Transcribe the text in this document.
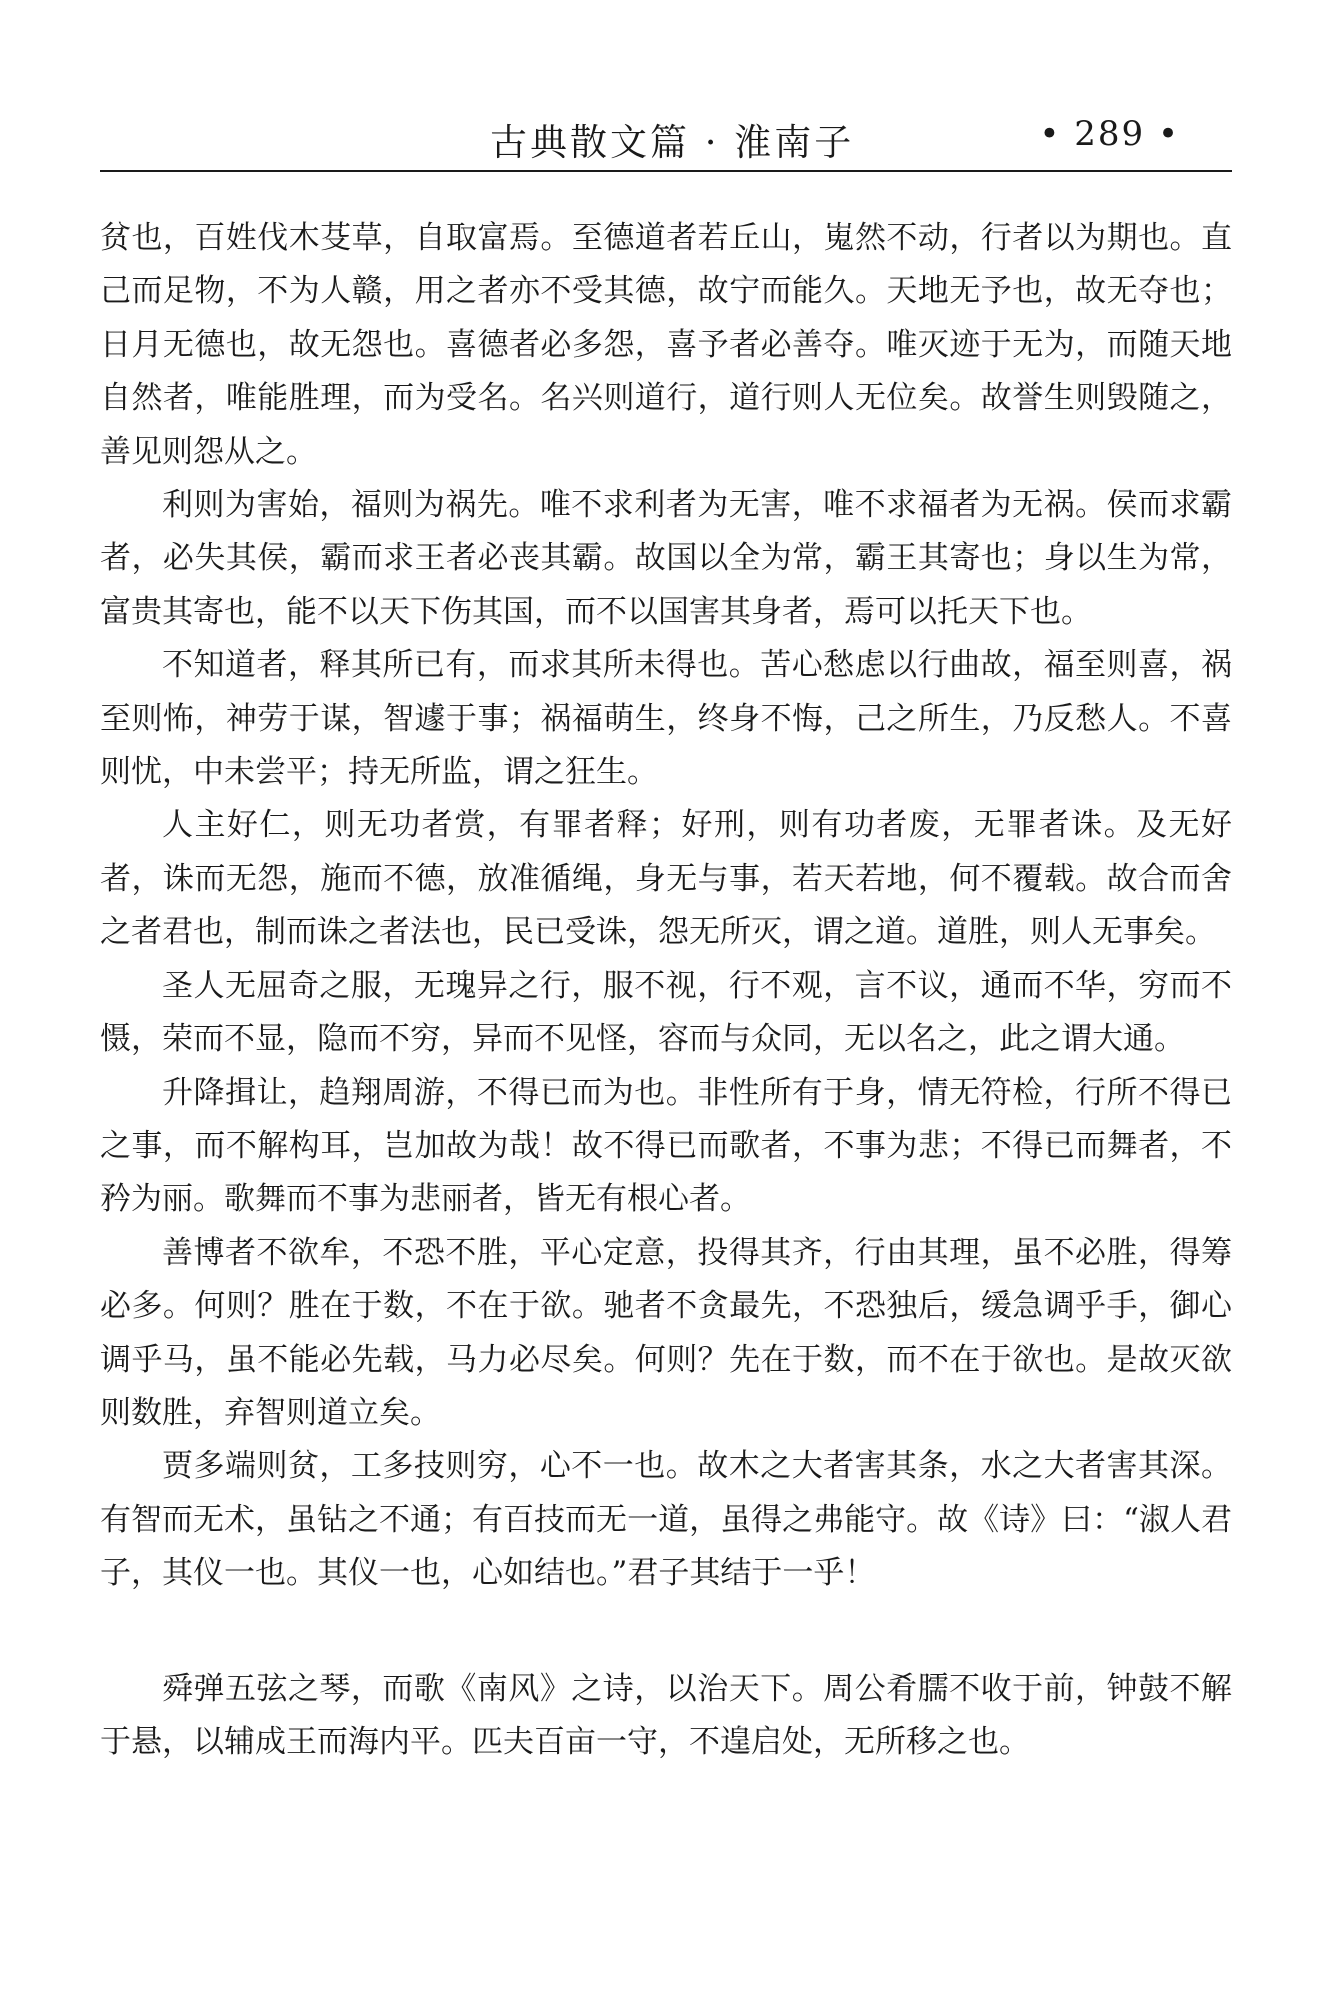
古典散文篇 · 淮南子	• 289 •

贫也，百姓伐木芟草，自取富焉。至德道者若丘山，嵬然不动，行者以为期也。直己而足物，不为人赣，用之者亦不受其德，故宁而能久。天地无予也，故无夺也；日月无德也，故无怨也。喜德者必多怨，喜予者必善夺。唯灭迹于无为，而随天地自然者，唯能胜理，而为受名。名兴则道行，道行则人无位矣。故誉生则毁随之，善见则怨从之。

利则为害始，福则为祸先。唯不求利者为无害，唯不求福者为无祸。侯而求霸者，必失其侯，霸而求王者必丧其霸。故国以全为常，霸王其寄也；身以生为常，富贵其寄也，能不以天下伤其国，而不以国害其身者，焉可以托天下也。

不知道者，释其所已有，而求其所未得也。苦心愁虑以行曲故，福至则喜，祸至则怖，神劳于谋，智遽于事；祸福萌生，终身不悔，己之所生，乃反愁人。不喜则忧，中未尝平；持无所监，谓之狂生。

人主好仁，则无功者赏，有罪者释；好刑，则有功者废，无罪者诛。及无好者，诛而无怨，施而不德，放准循绳，身无与事，若天若地，何不覆载。故合而舍之者君也，制而诛之者法也，民已受诛，怨无所灭，谓之道。道胜，则人无事矣。

圣人无屈奇之服，无瑰异之行，服不视，行不观，言不议，通而不华，穷而不慑，荣而不显，隐而不穷，异而不见怪，容而与众同，无以名之，此之谓大通。

升降揖让，趋翔周游，不得已而为也。非性所有于身，情无符检，行所不得已之事，而不解构耳，岂加故为哉！故不得已而歌者，不事为悲；不得已而舞者，不矜为丽。歌舞而不事为悲丽者，皆无有根心者。

善博者不欲牟，不恐不胜，平心定意，投得其齐，行由其理，虽不必胜，得筹必多。何则？胜在于数，不在于欲。驰者不贪最先，不恐独后，缓急调乎手，御心调乎马，虽不能必先载，马力必尽矣。何则？先在于数，而不在于欲也。是故灭欲则数胜，弃智则道立矣。

贾多端则贫，工多技则穷，心不一也。故木之大者害其条，水之大者害其深。有智而无术，虽钻之不通；有百技而无一道，虽得之弗能守。故《诗》曰：“淑人君子，其仪一也。其仪一也，心如结也。”君子其结于一乎！

舜弹五弦之琴，而歌《南风》之诗，以治天下。周公肴臑不收于前，钟鼓不解于悬，以辅成王而海内平。匹夫百亩一守，不遑启处，无所移之也。
